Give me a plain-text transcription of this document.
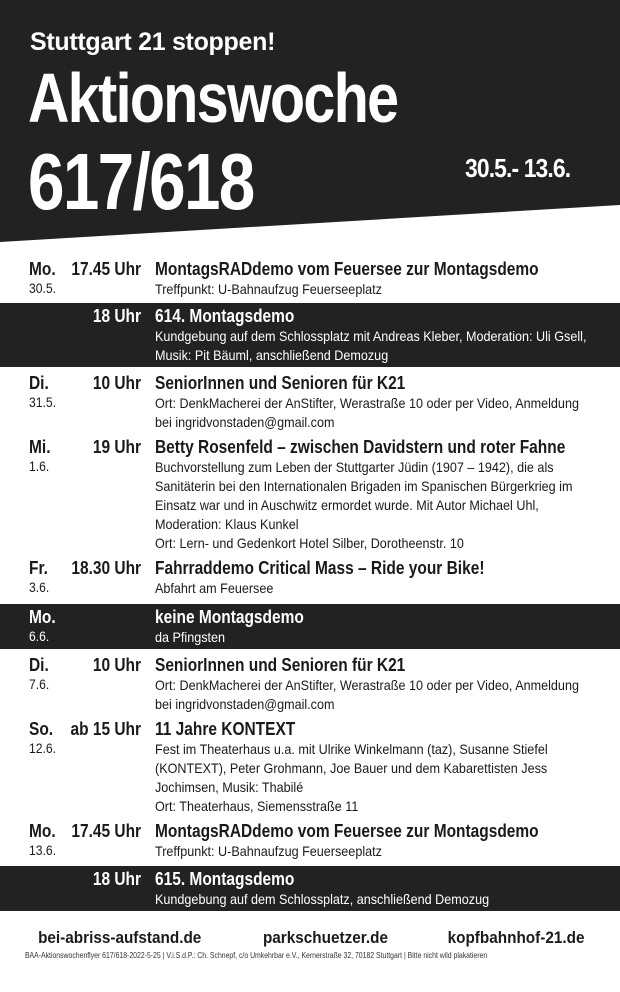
Stuttgart 21 stoppen!
Aktionswoche
617/618	30.5.- 13.6.
Mo. 17.45 Uhr
30.5.
MontagsRADdemo vom Feuersee zur Montagsdemo
Treffpunkt: U-Bahnaufzug Feuerseeplatz

18 Uhr 614. Montagsdemo
Kundgebung auf dem Schlossplatz mit Andreas Kleber, Moderation: Uli Gsell, Musik: Pit Bäuml, anschließend Demozug
Di.	10 Uhr
31.5.
SeniorInnen und Senioren für K21
Ort: DenkMacherei der AnStifter, Werastraße 10 oder per Video, Anmeldung bei ingridvonstaden@gmail.com
Mi.	19 Uhr
1.6.
Betty Rosenfeld – zwischen Davidstern und roter Fahne
Buchvorstellung zum Leben der Stuttgarter Jüdin (1907 – 1942), die als Sanitäterin bei den Internationalen Brigaden im Spanischen Bürgerkrieg im Einsatz war und in Auschwitz ermordet wurde. Mit Autor Michael Uhl, Moderation: Klaus Kunkel
Ort: Lern- und Gedenkort Hotel Silber, Dorotheenstr. 10
Fr.	18.30 Uhr
3.6.
Fahrraddemo Critical Mass – Ride your Bike!
Abfahrt am Feuersee
Mo.
6.6.
keine Montagsdemo
da Pfingsten
Di.	10 Uhr
7.6.
SeniorInnen und Senioren für K21
Ort: DenkMacherei der AnStifter, Werastraße 10 oder per Video, Anmeldung bei ingridvonstaden@gmail.com
So. ab 15 Uhr
12.6.
11 Jahre KONTEXT
Fest im Theaterhaus u.a. mit Ulrike Winkelmann (taz), Susanne Stiefel (KONTEXT), Peter Grohmann, Joe Bauer und dem Kabarettisten Jess Jochimsen, Musik: Thabilé
Ort: Theaterhaus, Siemensstraße 11
Mo. 17.45 Uhr
13.6.
MontagsRADdemo vom Feuersee zur Montagsdemo
Treffpunkt: U-Bahnaufzug Feuerseeplatz

18 Uhr 615. Montagsdemo
Kundgebung auf dem Schlossplatz, anschließend Demozug
bei-abriss-aufstand.de	parkschuetzer.de	kopfbahnhof-21.de
BAA-Aktionswochenflyer 617/618-2022-5-25 | V.i.S.d.P.: Ch. Schnepf, c/o Umkehrbar e.V., Kernerstraße 32, 70182 Stuttgart | Bitte nicht wild plakatieren
